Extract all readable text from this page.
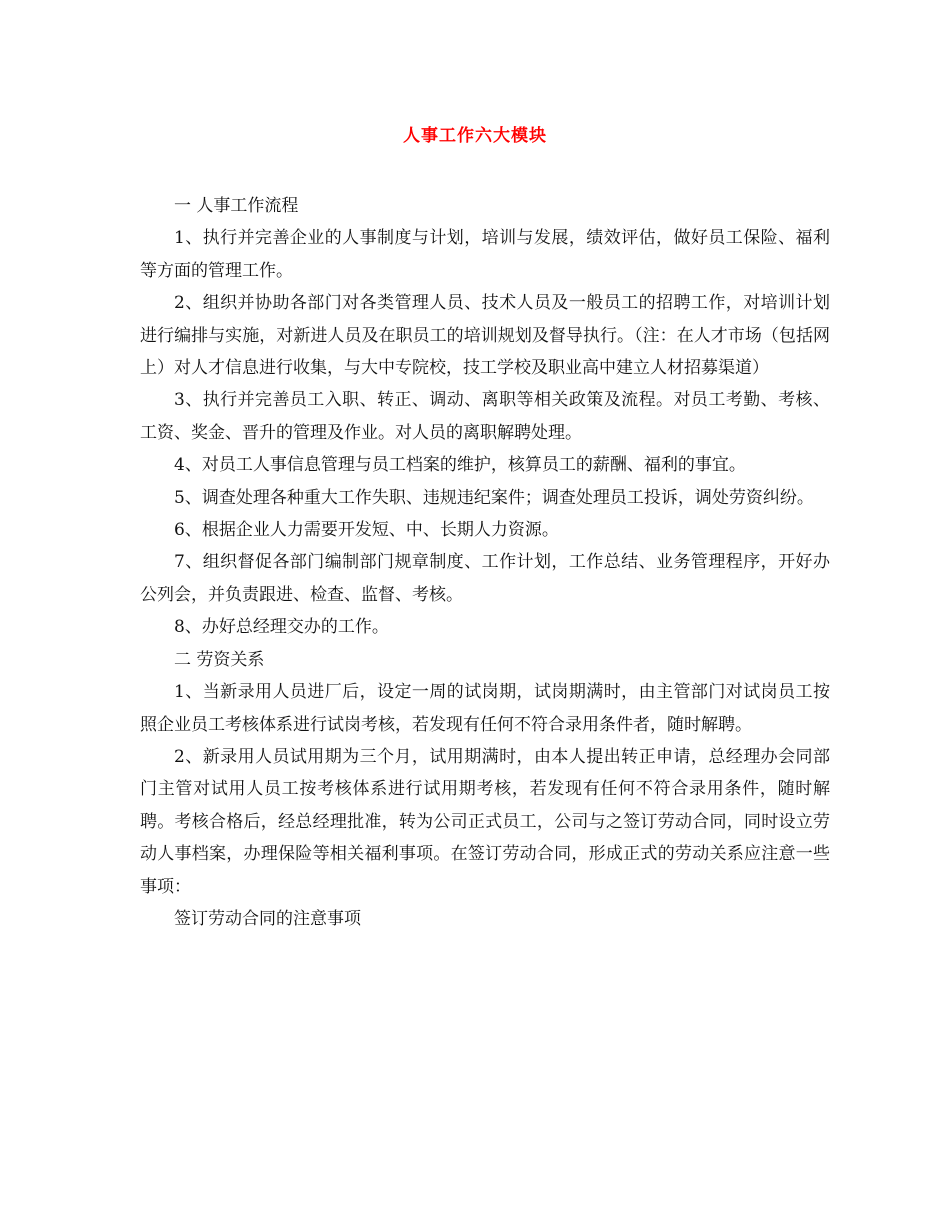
人事工作六大模块

一 人事工作流程

1、执行并完善企业的人事制度与计划，培训与发展，绩效评估，做好员工保险、福利等方面的管理工作。

2、组织并协助各部门对各类管理人员、技术人员及一般员工的招聘工作，对培训计划进行编排与实施，对新进人员及在职员工的培训规划及督导执行。（注：在人才市场（包括网上）对人才信息进行收集，与大中专院校，技工学校及职业高中建立人材招募渠道）

3、执行并完善员工入职、转正、调动、离职等相关政策及流程。对员工考勤、考核、工资、奖金、晋升的管理及作业。对人员的离职解聘处理。

4、对员工人事信息管理与员工档案的维护，核算员工的薪酬、福利的事宜。

5、调查处理各种重大工作失职、违规违纪案件；调查处理员工投诉，调处劳资纠纷。

6、根据企业人力需要开发短、中、长期人力资源。

7、组织督促各部门编制部门规章制度、工作计划，工作总结、业务管理程序，开好办公列会，并负责跟进、检查、监督、考核。

8、办好总经理交办的工作。

二 劳资关系

1、当新录用人员进厂后，设定一周的试岗期，试岗期满时，由主管部门对试岗员工按照企业员工考核体系进行试岗考核，若发现有任何不符合录用条件者，随时解聘。

2、新录用人员试用期为三个月，试用期满时，由本人提出转正申请，总经理办会同部门主管对试用人员工按考核体系进行试用期考核，若发现有任何不符合录用条件，随时解聘。考核合格后，经总经理批准，转为公司正式员工，公司与之签订劳动合同，同时设立劳动人事档案，办理保险等相关福利事项。在签订劳动合同，形成正式的劳动关系应注意一些事项：

签订劳动合同的注意事项
